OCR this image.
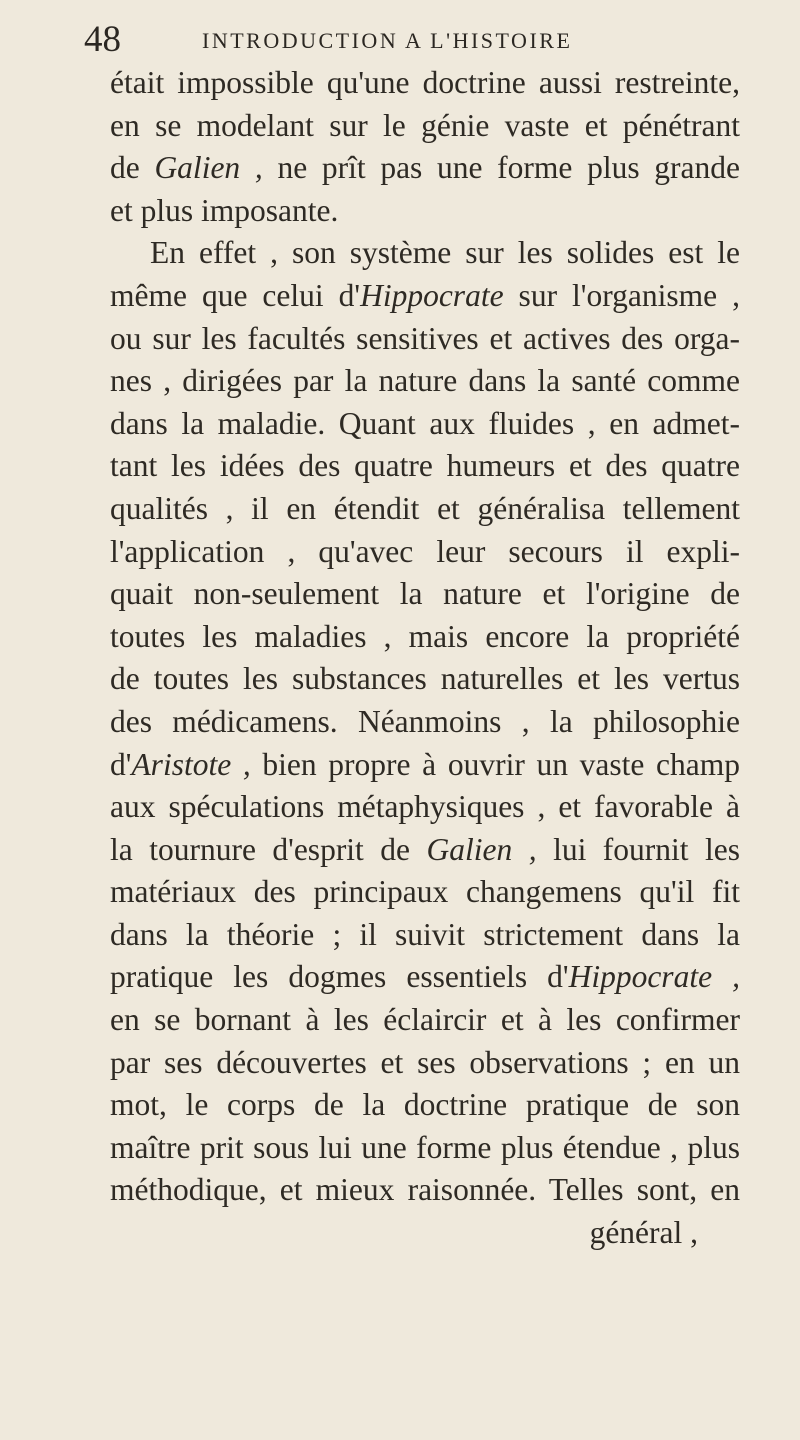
48	INTRODUCTION A L'HISTOIRE
était impossible qu'une doctrine aussi restreinte,
en se modelant sur le génie vaste et pénétrant
de Galien , ne prît pas une forme plus grande
et plus imposante.
En effet , son système sur les solides est le
même que celui d'Hippocrate sur l'organisme ,
ou sur les facultés sensitives et actives des orga-
nes , dirigées par la nature dans la santé comme
dans la maladie. Quant aux fluides , en admet-
tant les idées des quatre humeurs et des quatre
qualités , il en étendit et généralisa tellement
l'application , qu'avec leur secours il expli-
quait non-seulement la nature et l'origine de
toutes les maladies , mais encore la propriété
de toutes les substances naturelles et les vertus
des médicamens. Néanmoins , la philosophie
d'Aristote , bien propre à ouvrir un vaste champ
aux spéculations métaphysiques , et favorable à
la tournure d'esprit de Galien , lui fournit les
matériaux des principaux changemens qu'il fit
dans la théorie ; il suivit strictement dans la
pratique les dogmes essentiels d'Hippocrate ,
en se bornant à les éclaircir et à les confirmer
par ses découvertes et ses observations ; en un
mot, le corps de la doctrine pratique de son
maître prit sous lui une forme plus étendue , plus
méthodique, et mieux raisonnée. Telles sont, en
général ,
